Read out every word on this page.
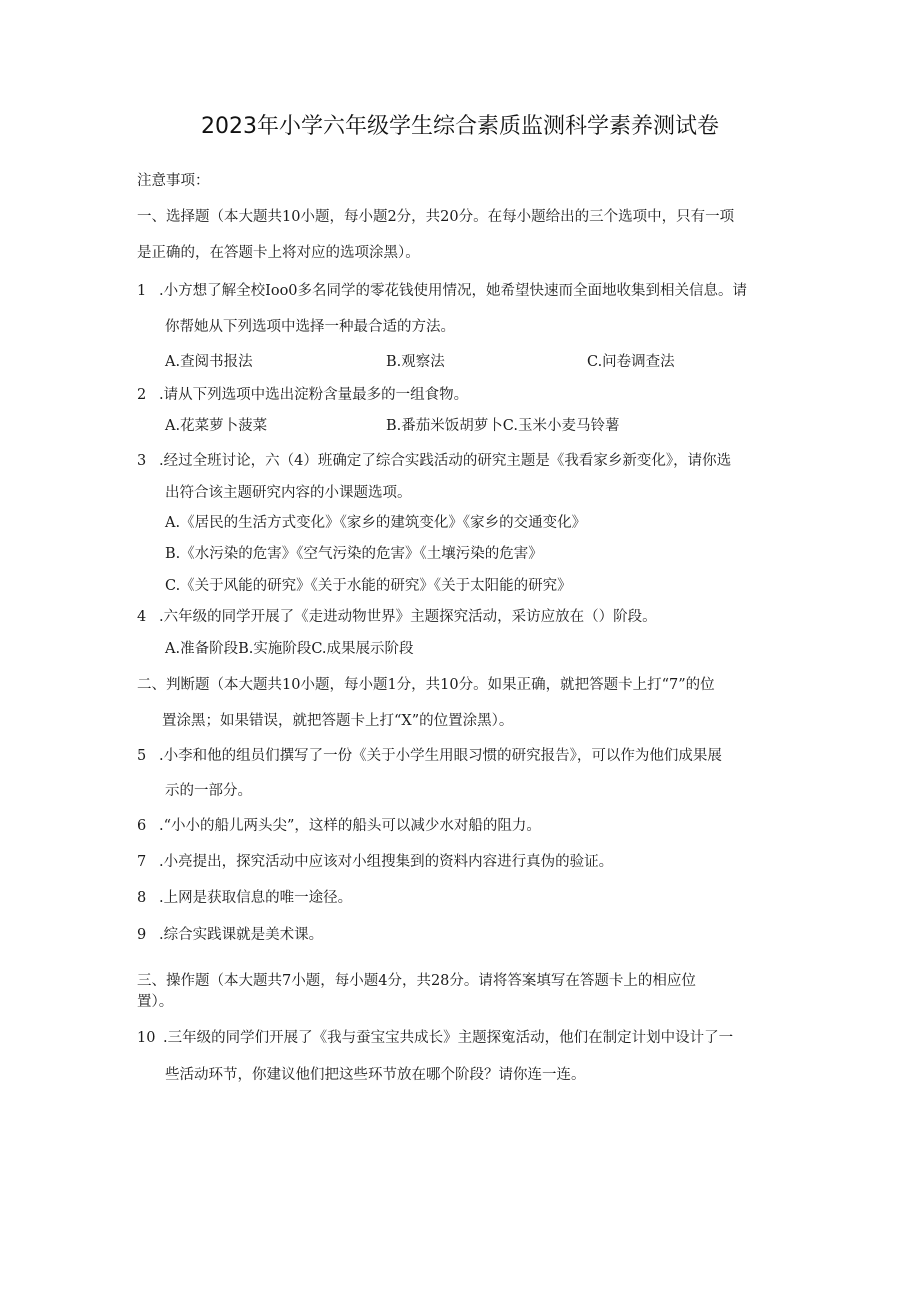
2023年小学六年级学生综合素质监测科学素养测试卷
注意事项：
一、选择题（本大题共10小题，每小题2分，共20分。在每小题给出的三个选项中，只有一项
是正确的，在答题卡上将对应的选项涂黑）。
1 .小方想了解全校Ioo0多名同学的零花钱使用情况，她希望快速而全面地收集到相关信息。请
你帮她从下列选项中选择一种最合适的方法。
A.查阅书报法	B.观察法	C.问卷调查法
2 .请从下列选项中选出淀粉含量最多的一组食物。
A.花菜萝卜菠菜	B.番茄米饭胡萝卜C.玉米小麦马铃薯
3 .经过全班讨论，六（4）班确定了综合实践活动的研究主题是《我看家乡新变化》，请你选
出符合该主题研究内容的小课题选项。
A.《居民的生活方式变化》《家乡的建筑变化》《家乡的交通变化》
B.《水污染的危害》《空气污染的危害》《土壤污染的危害》
C.《关于风能的研究》《关于水能的研究》《关于太阳能的研究》
4 .六年级的同学开展了《走进动物世界》主题探究活动，采访应放在（）阶段。
A.准备阶段B.实施阶段C.成果展示阶段
二、判断题（本大题共10小题，每小题1分，共10分。如果正确，就把答题卡上打“7”的位
置涂黑；如果错误，就把答题卡上打“X”的位置涂黑）。
5 .小李和他的组员们撰写了一份《关于小学生用眼习惯的研究报告》，可以作为他们成果展
示的一部分。
6 .“小小的船儿两头尖”，这样的船头可以减少水对船的阻力。
7 .小亮提出，探究活动中应该对小组搜集到的资料内容进行真伪的验证。
8 .上网是获取信息的唯一途径。
9 .综合实践课就是美术课。
三、操作题（本大题共7小题，每小题4分，共28分。请将答案填写在答题卡上的相应位
置）。
10 .三年级的同学们开展了《我与蚕宝宝共成长》主题探寃活动，他们在制定计划中设计了一
些活动环节，你建议他们把这些环节放在哪个阶段？请你连一连。
